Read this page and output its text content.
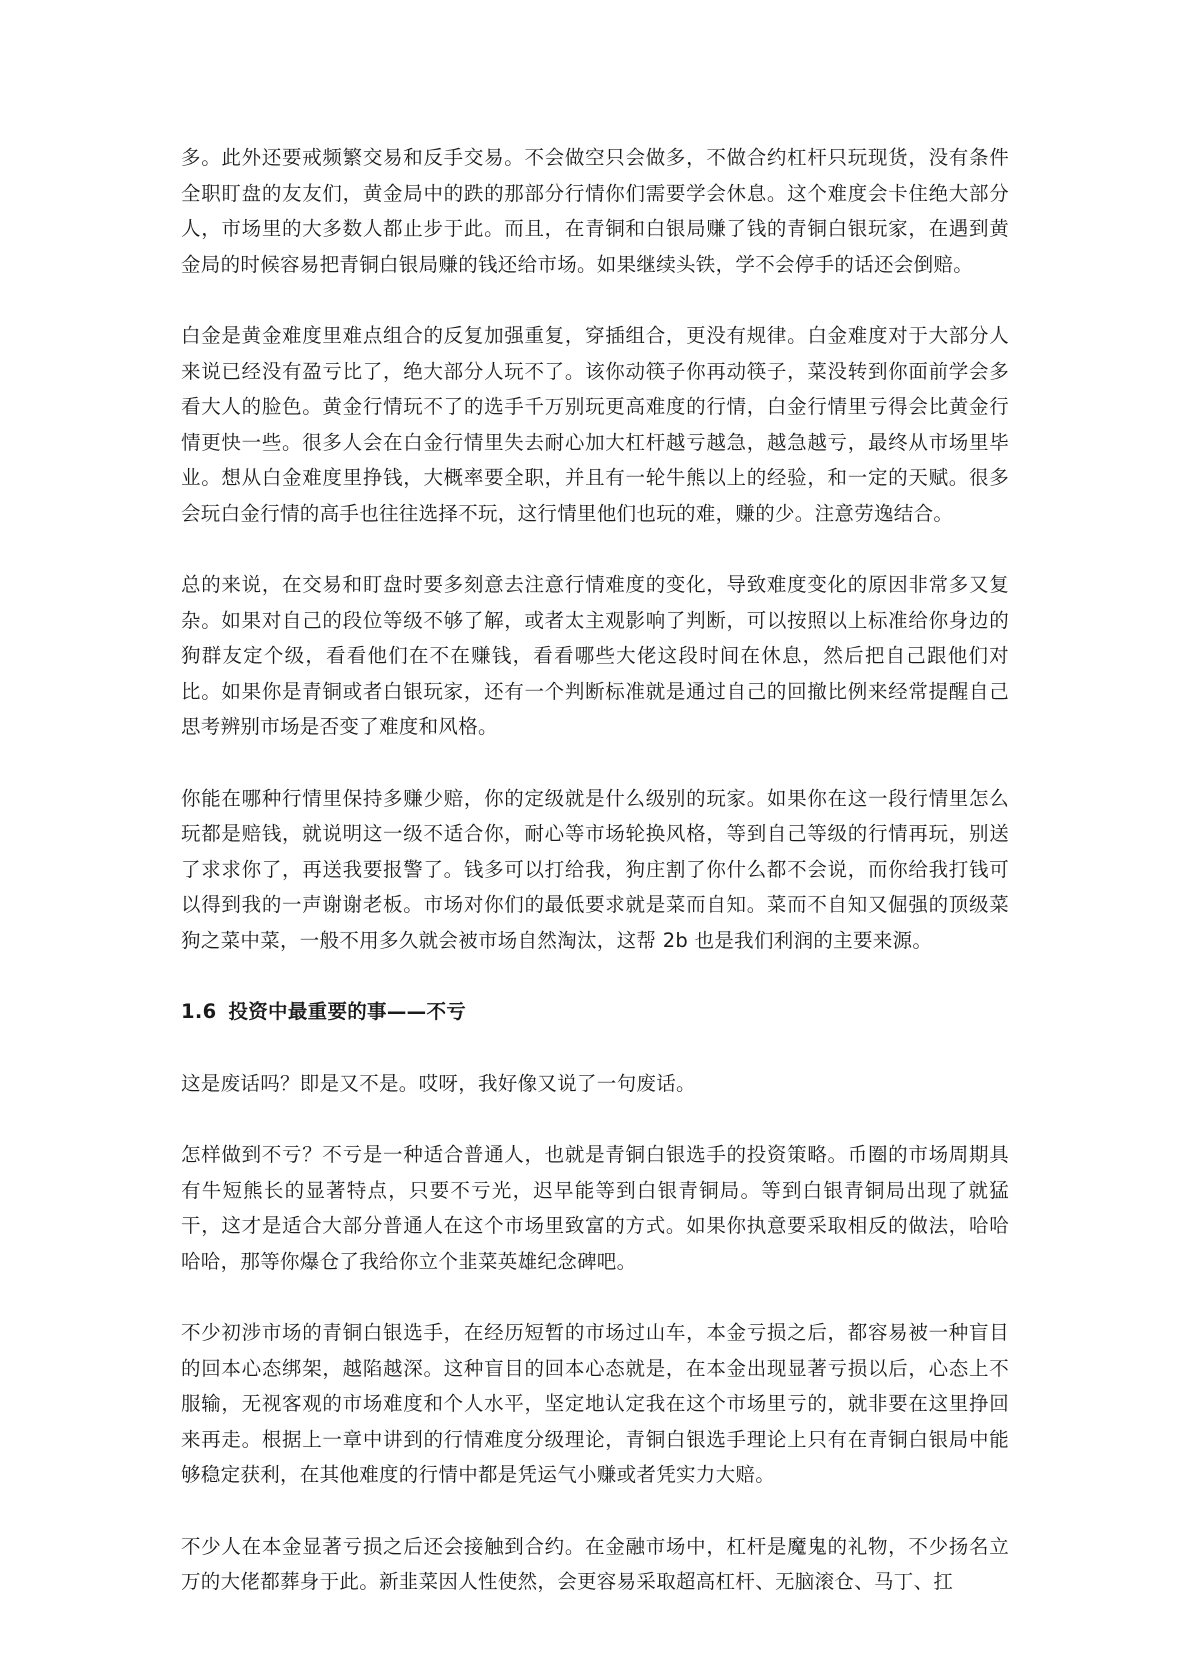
多。此外还要戒频繁交易和反手交易。不会做空只会做多，不做合约杠杆只玩现货，没有条件全职盯盘的友友们，黄金局中的跌的那部分行情你们需要学会休息。这个难度会卡住绝大部分人，市场里的大多数人都止步于此。而且，在青铜和白银局赚了钱的青铜白银玩家，在遇到黄金局的时候容易把青铜白银局赚的钱还给市场。如果继续头铁，学不会停手的话还会倒赔。

白金是黄金难度里难点组合的反复加强重复，穿插组合，更没有规律。白金难度对于大部分人来说已经没有盈亏比了，绝大部分人玩不了。该你动筷子你再动筷子，菜没转到你面前学会多看大人的脸色。黄金行情玩不了的选手千万别玩更高难度的行情，白金行情里亏得会比黄金行情更快一些。很多人会在白金行情里失去耐心加大杠杆越亏越急，越急越亏，最终从市场里毕业。想从白金难度里挣钱，大概率要全职，并且有一轮牛熊以上的经验，和一定的天赋。很多会玩白金行情的高手也往往选择不玩，这行情里他们也玩的难，赚的少。注意劳逸结合。

总的来说，在交易和盯盘时要多刻意去注意行情难度的变化，导致难度变化的原因非常多又复杂。如果对自己的段位等级不够了解，或者太主观影响了判断，可以按照以上标准给你身边的狗群友定个级，看看他们在不在赚钱，看看哪些大佬这段时间在休息，然后把自己跟他们对比。如果你是青铜或者白银玩家，还有一个判断标准就是通过自己的回撤比例来经常提醒自己思考辨别市场是否变了难度和风格。

你能在哪种行情里保持多赚少赔，你的定级就是什么级别的玩家。如果你在这一段行情里怎么玩都是赔钱，就说明这一级不适合你，耐心等市场轮换风格，等到自己等级的行情再玩，别送了求求你了，再送我要报警了。钱多可以打给我，狗庄割了你什么都不会说，而你给我打钱可以得到我的一声谢谢老板。市场对你们的最低要求就是菜而自知。菜而不自知又倔强的顶级菜狗之菜中菜，一般不用多久就会被市场自然淘汰，这帮 2b 也是我们利润的主要来源。

1.6 投资中最重要的事——不亏

这是废话吗？即是又不是。哎呀，我好像又说了一句废话。

怎样做到不亏？不亏是一种适合普通人，也就是青铜白银选手的投资策略。币圈的市场周期具有牛短熊长的显著特点，只要不亏光，迟早能等到白银青铜局。等到白银青铜局出现了就猛干，这才是适合大部分普通人在这个市场里致富的方式。如果你执意要采取相反的做法，哈哈哈哈，那等你爆仓了我给你立个韭菜英雄纪念碑吧。

不少初涉市场的青铜白银选手，在经历短暂的市场过山车，本金亏损之后，都容易被一种盲目的回本心态绑架，越陷越深。这种盲目的回本心态就是，在本金出现显著亏损以后，心态上不服输，无视客观的市场难度和个人水平，坚定地认定我在这个市场里亏的，就非要在这里挣回来再走。根据上一章中讲到的行情难度分级理论，青铜白银选手理论上只有在青铜白银局中能够稳定获利，在其他难度的行情中都是凭运气小赚或者凭实力大赔。

不少人在本金显著亏损之后还会接触到合约。在金融市场中，杠杆是魔鬼的礼物，不少扬名立万的大佬都葬身于此。新韭菜因人性使然，会更容易采取超高杠杆、无脑滚仓、马丁、扛
